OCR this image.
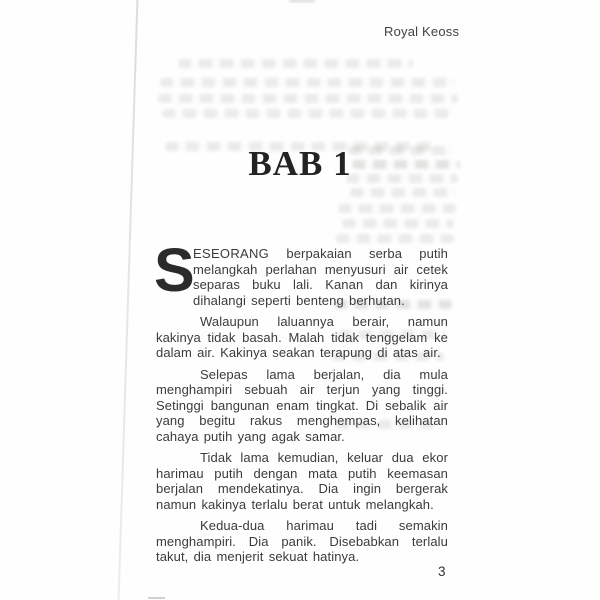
Royal Keoss
BAB 1

S
ESEORANG berpakaian serba putih melangkah perlahan menyusuri air cetek separas buku lali. Kanan dan kirinya dihalangi seperti benteng berhutan.

Walaupun laluannya berair, namun kakinya tidak basah. Malah tidak tenggelam ke dalam air. Kakinya seakan terapung di atas air.

Selepas lama berjalan, dia mula menghampiri sebuah air terjun yang tinggi. Setinggi bangunan enam tingkat. Di sebalik air yang begitu rakus menghempas, kelihatan cahaya putih yang agak samar.

Tidak lama kemudian, keluar dua ekor harimau putih dengan mata putih keemasan berjalan mendekatinya. Dia ingin bergerak namun kakinya terlalu berat untuk melangkah.

Kedua-dua harimau tadi semakin menghampiri. Dia panik. Disebabkan terlalu takut, dia menjerit sekuat hatinya.

3
